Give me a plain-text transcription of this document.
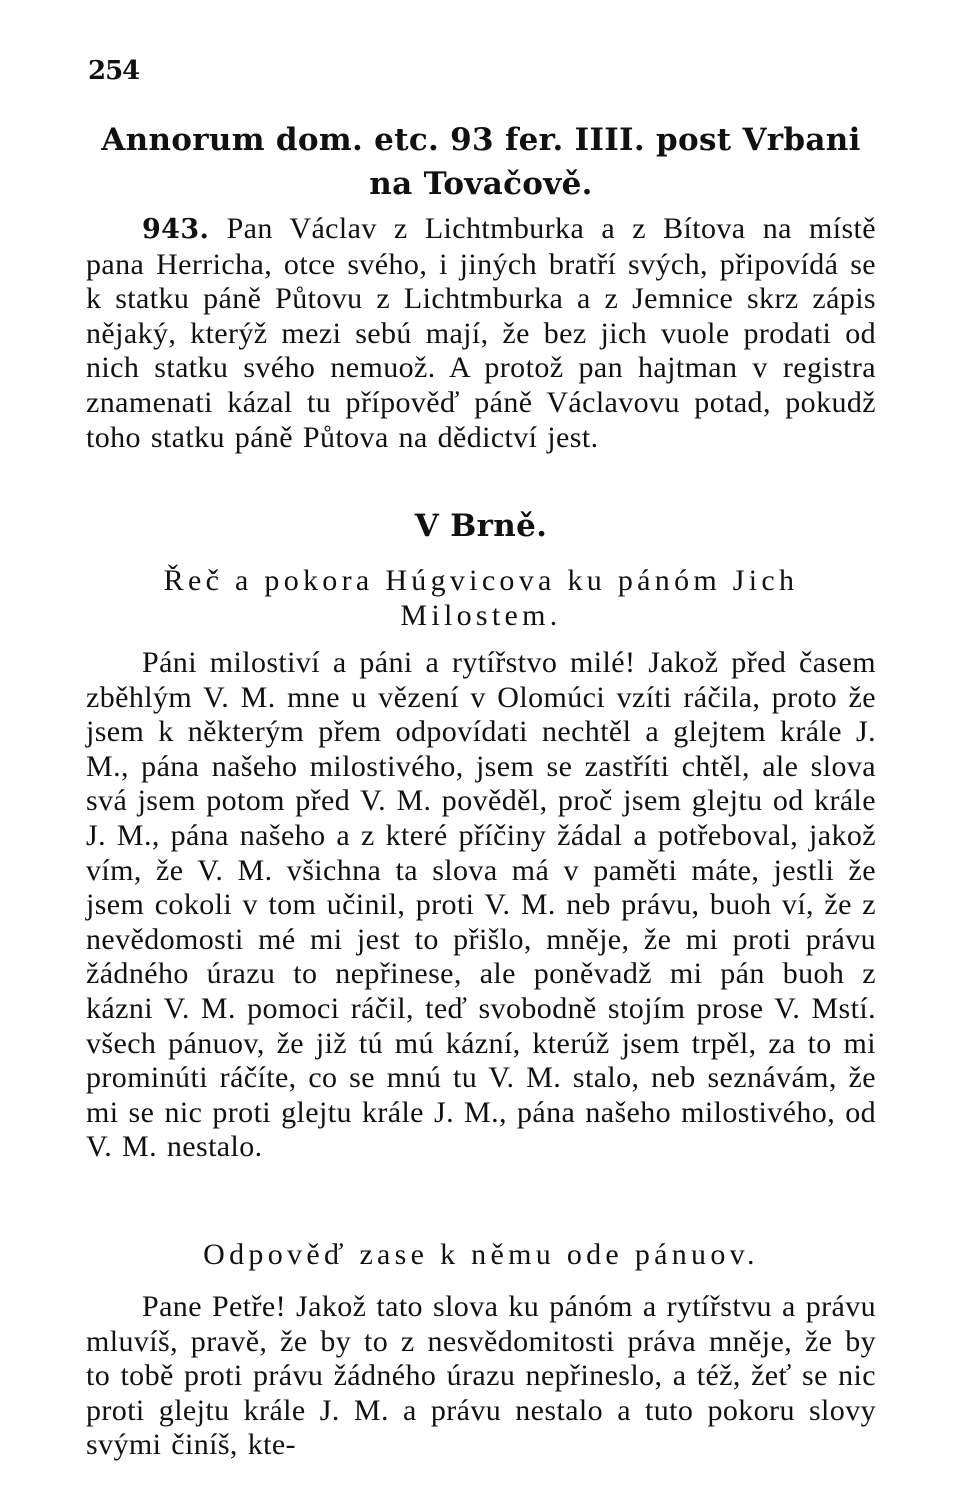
254
Annorum dom. etc. 93 fer. IIII. post Vrbani na Tovačově.

943. Pan Václav z Lichtmburka a z Bítova na místě pana Herricha, otce svého, i jiných bratří svých, připovídá se k statku páně Půtovu z Lichtmburka a z Jemnice skrz zápis nějaký, kterýž mezi sebú mají, že bez jich vuole prodati od nich statku svého nemuož. A protož pan hajtman v registra znamenati kázal tu přípověď páně Václavovu potad, pokudž toho statku páně Půtova na dědictví jest.

V Brně.

Řeč a pokora Húgvicova ku pánóm Jich Milostem.

Páni milostiví a páni a rytířstvo milé! Jakož před časem zběhlým V. M. mne u vězení v Olomúci vzíti ráčila, proto že jsem k některým přem odpovídati nechtěl a glejtem krále J. M., pána našeho milostivého, jsem se zastříti chtěl, ale slova svá jsem potom před V. M. pověděl, proč jsem glejtu od krále J. M., pána našeho a z které příčiny žádal a potřeboval, jakož vím, že V. M. všichna ta slova má v paměti máte, jestli že jsem cokoli v tom učinil, proti V. M. neb právu, buoh ví, že z nevědomosti mé mi jest to přišlo, mněje, že mi proti právu žádného úrazu to nepřinese, ale poněvadž mi pán buoh z kázni V. M. pomoci ráčil, teď svobodně stojím prose V. Mstí. všech pánuov, že již tú mú kázní, kterúž jsem trpěl, za to mi prominúti ráčíte, co se mnú tu V. M. stalo, neb seznávám, že mi se nic proti glejtu krále J. M., pána našeho milostivého, od V. M. nestalo.

Odpověď zase k němu ode pánuov.

Pane Petře! Jakož tato slova ku pánóm a rytířstvu a právu mluvíš, pravě, že by to z nesvědomitosti práva mněje, že by to tobě proti právu žádného úrazu nepřineslo, a též, žeť se nic proti glejtu krále J. M. a právu nestalo a tuto pokoru slovy svými činíš, kte-
